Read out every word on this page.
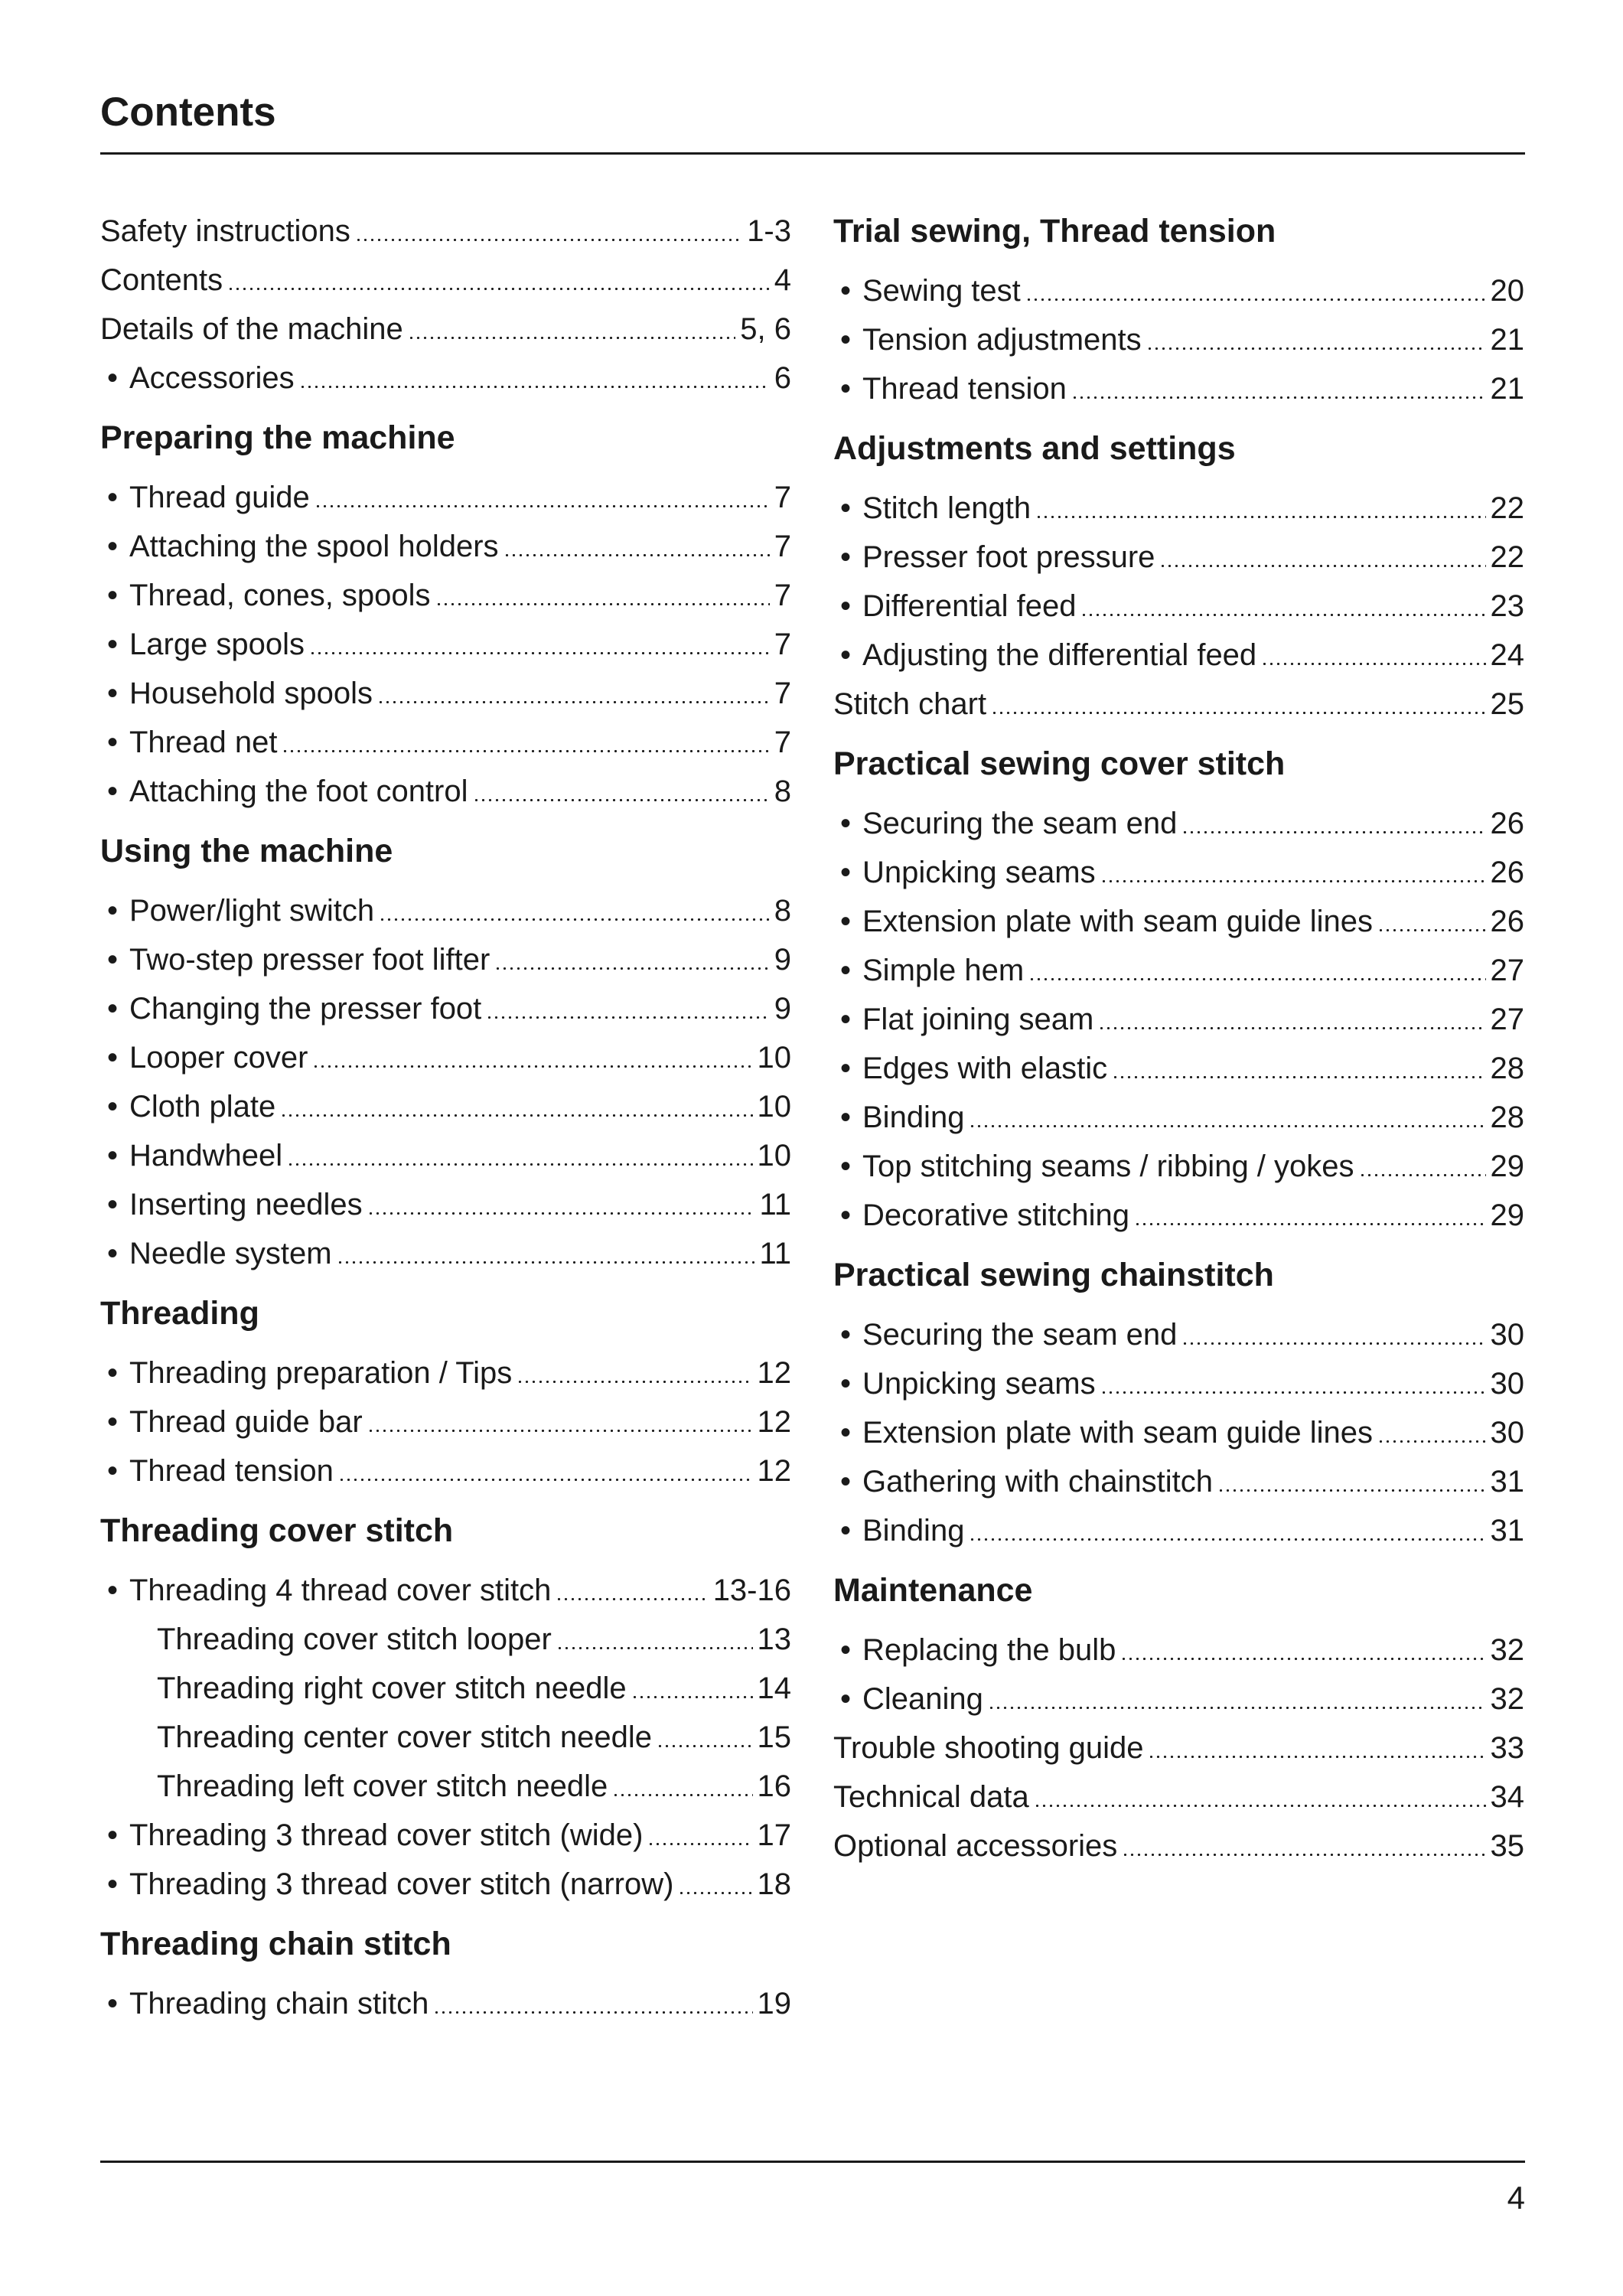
Contents
Safety instructions	1-3
Contents	4
Details of the machine	5, 6
• Accessories	6
Preparing the machine
• Thread guide	7
• Attaching the spool holders	7
• Thread, cones, spools	7
• Large spools	7
• Household spools	7
• Thread net	7
• Attaching the foot control	8
Using the machine
• Power/light switch	8
• Two-step presser foot lifter	9
• Changing the presser foot	9
• Looper cover	10
• Cloth plate	10
• Handwheel	10
• Inserting needles	11
• Needle system	11
Threading
• Threading preparation / Tips	12
• Thread guide bar	12
• Thread tension	12
Threading cover stitch
• Threading 4 thread cover stitch	13-16
Threading cover stitch looper	13
Threading right cover stitch needle	14
Threading center cover stitch needle	15
Threading left cover stitch needle	16
• Threading 3 thread cover stitch (wide)	17
• Threading 3 thread cover stitch (narrow)	18
Threading chain stitch
• Threading chain stitch	19
Trial sewing, Thread tension
• Sewing test	20
• Tension adjustments	21
• Thread tension	21
Adjustments and settings
• Stitch length	22
• Presser foot pressure	22
• Differential feed	23
• Adjusting the differential feed	24
Stitch chart	25
Practical sewing cover stitch
• Securing the seam end	26
• Unpicking seams	26
• Extension plate with seam guide lines	26
• Simple hem	27
• Flat joining seam	27
• Edges with elastic	28
• Binding	28
• Top stitching seams / ribbing / yokes	29
• Decorative stitching	29
Practical sewing chainstitch
• Securing the seam end	30
• Unpicking seams	30
• Extension plate with seam guide lines	30
• Gathering with chainstitch	31
• Binding	31
Maintenance
• Replacing the bulb	32
• Cleaning	32
Trouble shooting guide	33
Technical data	34
Optional accessories	35
4
